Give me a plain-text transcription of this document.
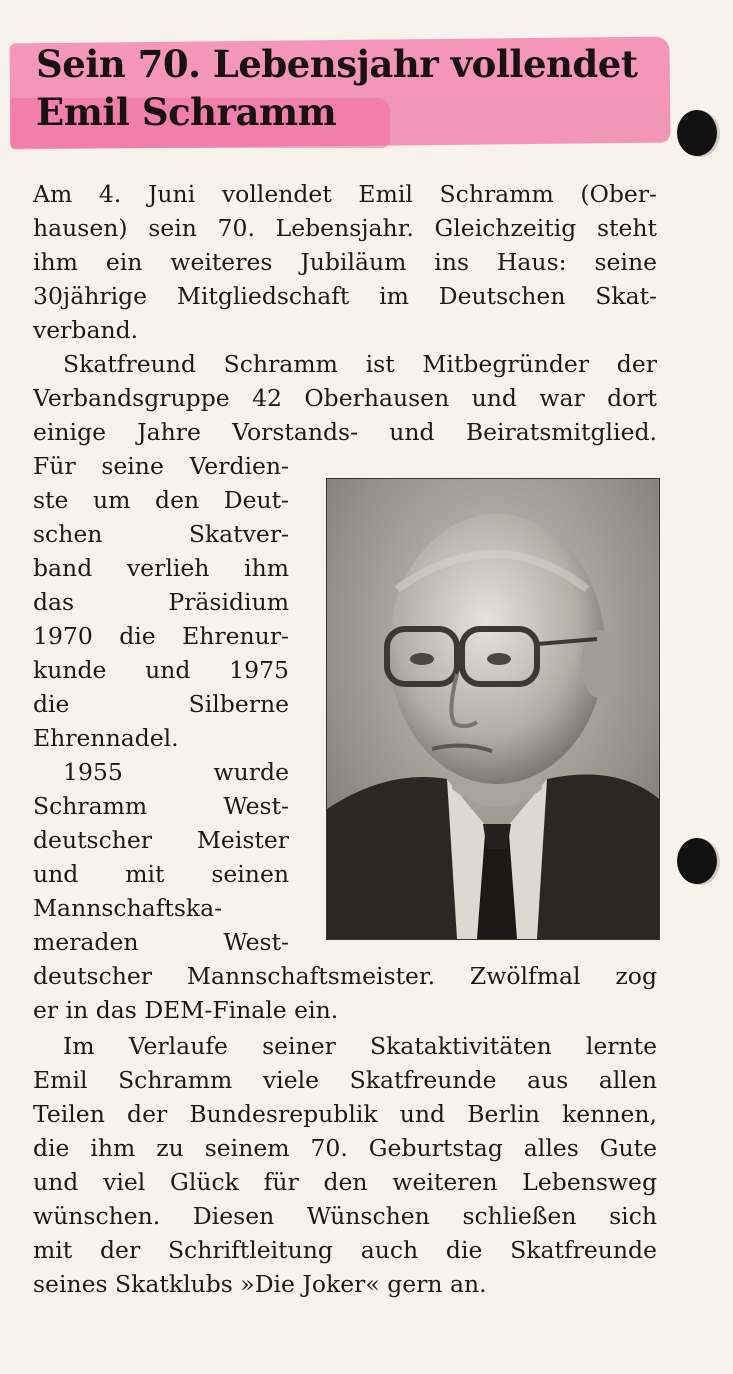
Sein 70. Lebensjahr vollendet
Emil Schramm

Am 4. Juni vollendet Emil Schramm (Ober-
hausen) sein 70. Lebensjahr. Gleichzeitig steht
ihm ein weiteres Jubiläum ins Haus: seine
30jährige Mitgliedschaft im Deutschen Skat-
verband.

Skatfreund Schramm ist Mitbegründer der
Verbandsgruppe 42 Oberhausen und war dort
einige Jahre Vorstands- und Beiratsmitglied.

Für seine Verdien-
ste um den Deut-
schen Skatver-
band verlieh ihm
das Präsidium
1970 die Ehrenur-
kunde und 1975
die Silberne
Ehrennadel.
1955 wurde
Schramm West-
deutscher Meister
und mit seinen
Mannschaftska-
meraden West-
deutscher Mannschaftsmeister. Zwölfmal zog
er in das DEM-Finale ein.
Im Verlaufe seiner Skataktivitäten lernte
Emil Schramm viele Skatfreunde aus allen
Teilen der Bundesrepublik und Berlin kennen,
die ihm zu seinem 70. Geburtstag alles Gute
und viel Glück für den weiteren Lebensweg
wünschen. Diesen Wünschen schließen sich
mit der Schriftleitung auch die Skatfreunde
seines Skatklubs »Die Joker« gern an.
